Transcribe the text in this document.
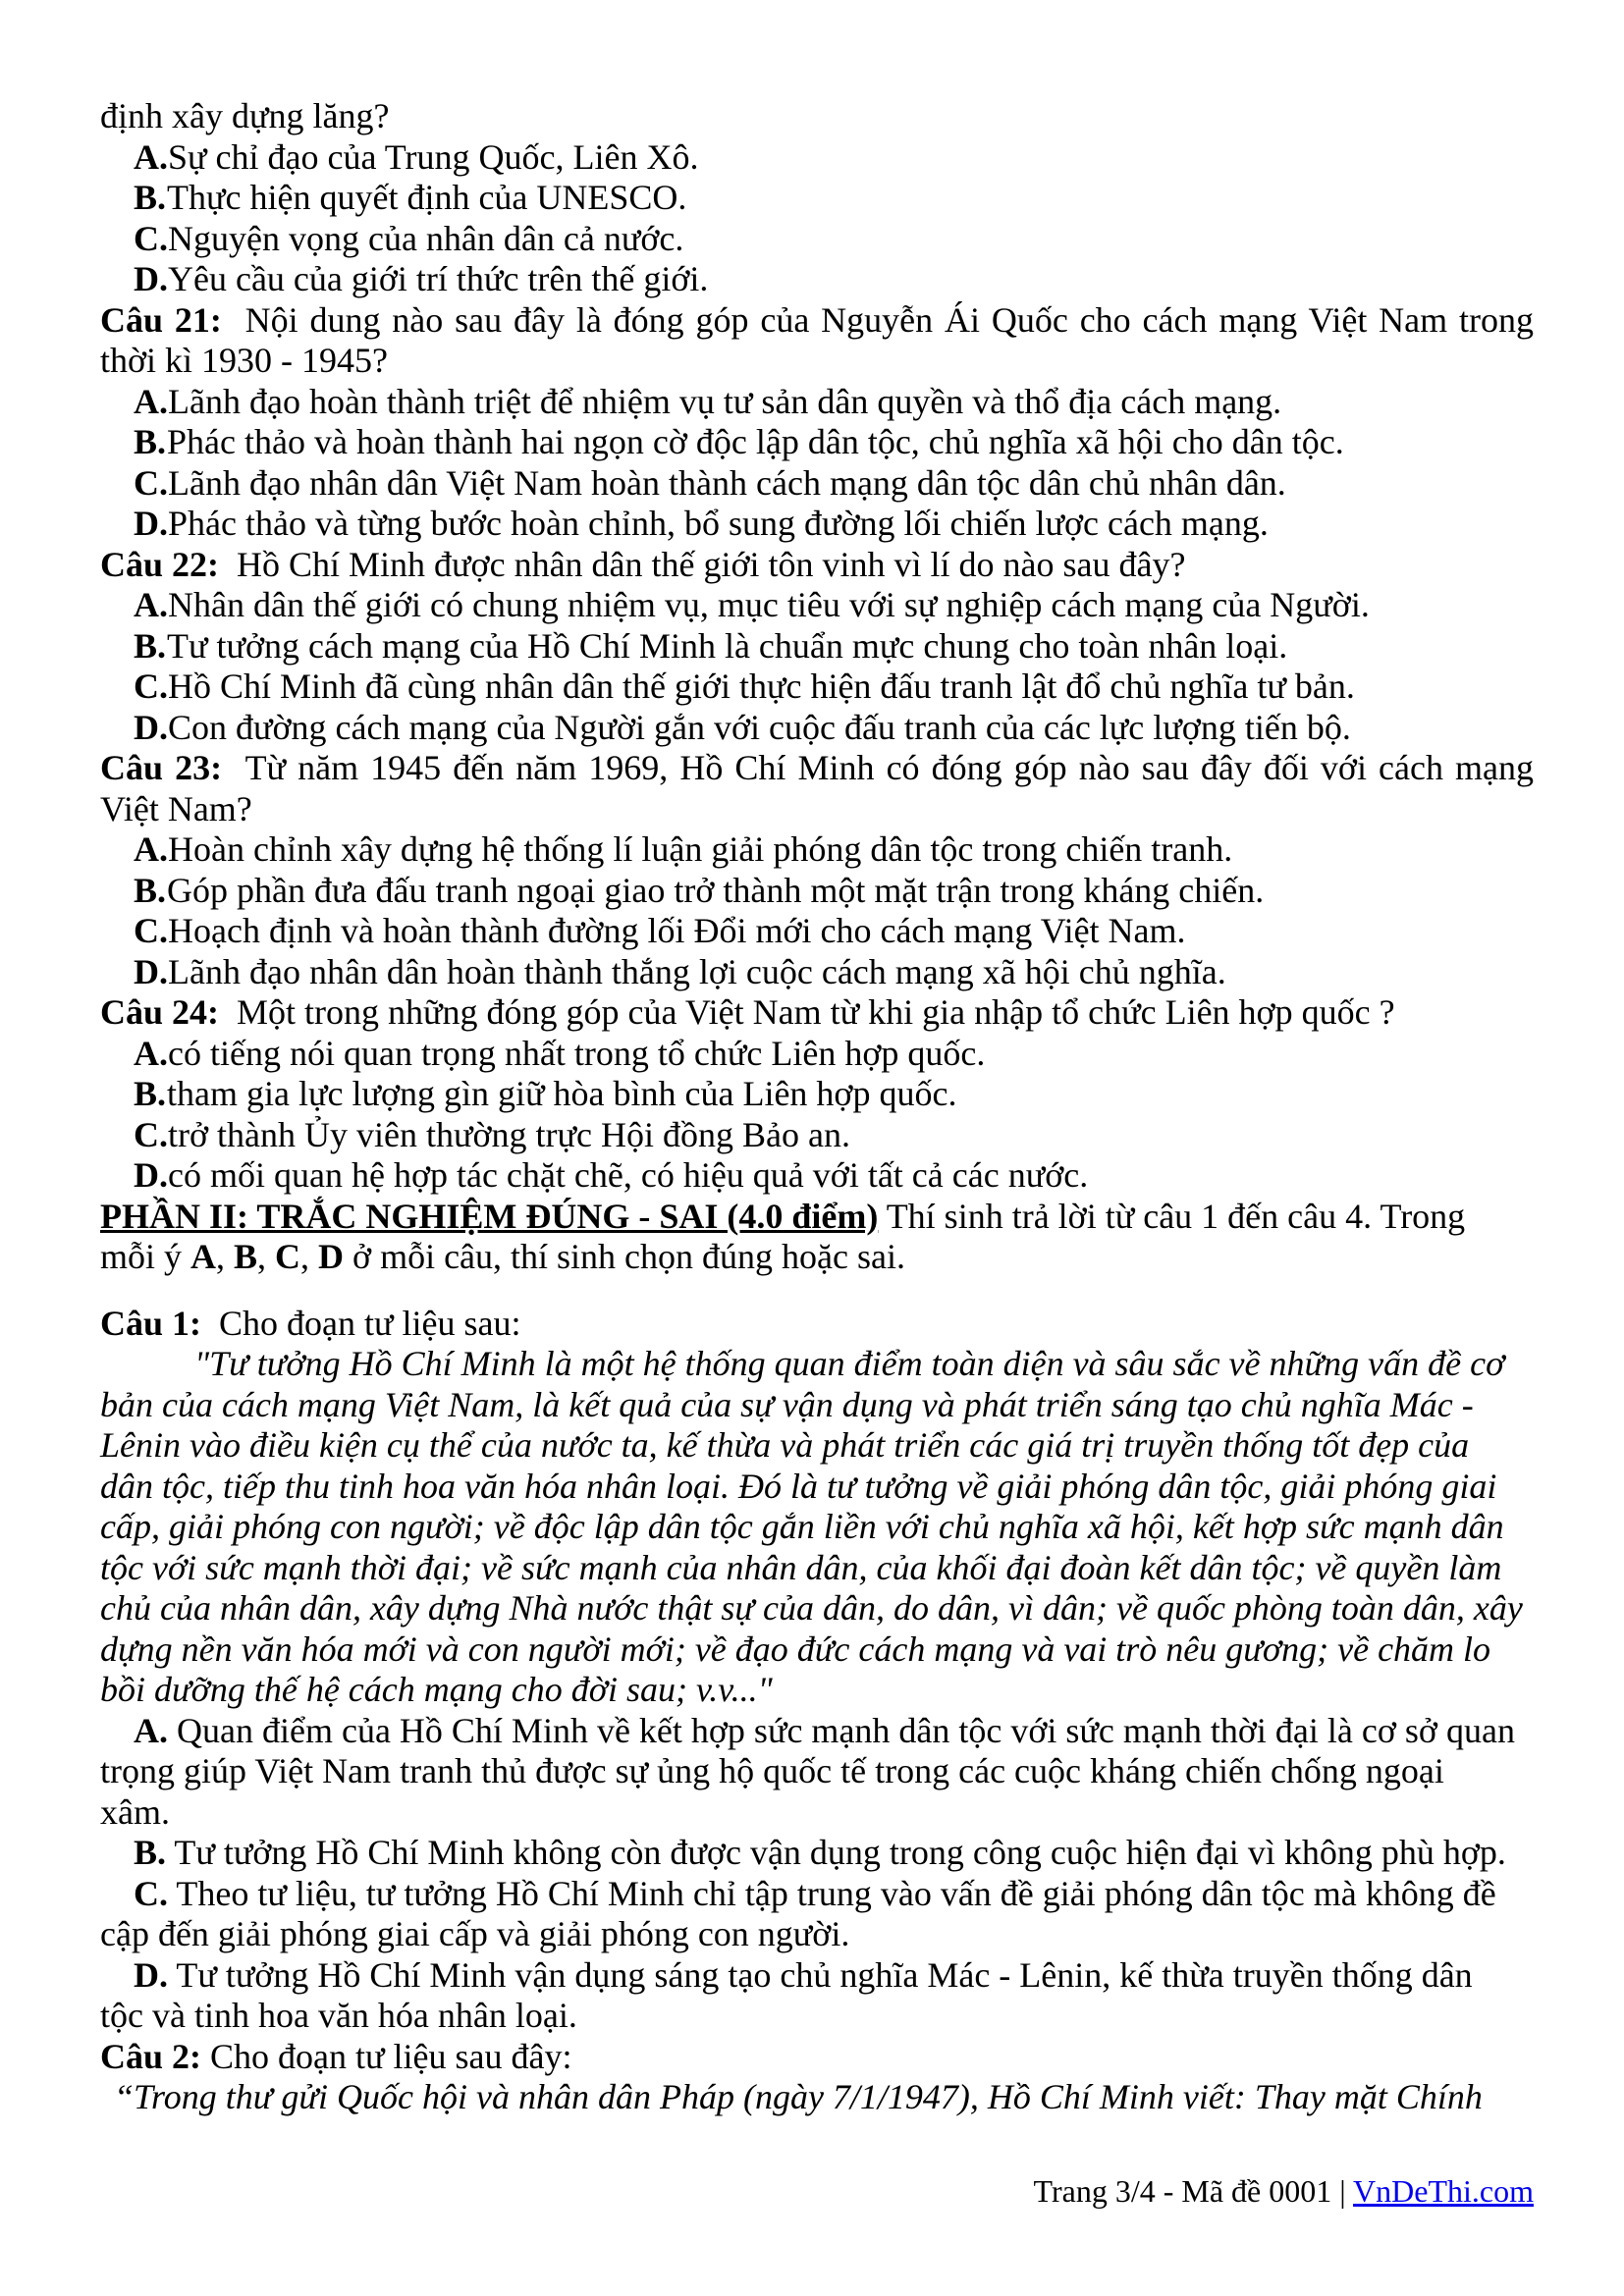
định xây dựng lăng?
A.Sự chỉ đạo của Trung Quốc, Liên Xô.
B.Thực hiện quyết định của UNESCO.
C.Nguyện vọng của nhân dân cả nước.
D.Yêu cầu của giới trí thức trên thế giới.
Câu 21: Nội dung nào sau đây là đóng góp của Nguyễn Ái Quốc cho cách mạng Việt Nam trong
thời kì 1930 - 1945?
A.Lãnh đạo hoàn thành triệt để nhiệm vụ tư sản dân quyền và thổ địa cách mạng.
B.Phác thảo và hoàn thành hai ngọn cờ độc lập dân tộc, chủ nghĩa xã hội cho dân tộc.
C.Lãnh đạo nhân dân Việt Nam hoàn thành cách mạng dân tộc dân chủ nhân dân.
D.Phác thảo và từng bước hoàn chỉnh, bổ sung đường lối chiến lược cách mạng.
Câu 22: Hồ Chí Minh được nhân dân thế giới tôn vinh vì lí do nào sau đây?
A.Nhân dân thế giới có chung nhiệm vụ, mục tiêu với sự nghiệp cách mạng của Người.
B.Tư tưởng cách mạng của Hồ Chí Minh là chuẩn mực chung cho toàn nhân loại.
C.Hồ Chí Minh đã cùng nhân dân thế giới thực hiện đấu tranh lật đổ chủ nghĩa tư bản.
D.Con đường cách mạng của Người gắn với cuộc đấu tranh của các lực lượng tiến bộ.
Câu 23: Từ năm 1945 đến năm 1969, Hồ Chí Minh có đóng góp nào sau đây đối với cách mạng
Việt Nam?
A.Hoàn chỉnh xây dựng hệ thống lí luận giải phóng dân tộc trong chiến tranh.
B.Góp phần đưa đấu tranh ngoại giao trở thành một mặt trận trong kháng chiến.
C.Hoạch định và hoàn thành đường lối Đổi mới cho cách mạng Việt Nam.
D.Lãnh đạo nhân dân hoàn thành thắng lợi cuộc cách mạng xã hội chủ nghĩa.
Câu 24: Một trong những đóng góp của Việt Nam từ khi gia nhập tổ chức Liên hợp quốc ?
A.có tiếng nói quan trọng nhất trong tổ chức Liên hợp quốc.
B.tham gia lực lượng gìn giữ hòa bình của Liên hợp quốc.
C.trở thành Ủy viên thường trực Hội đồng Bảo an.
D.có mối quan hệ hợp tác chặt chẽ, có hiệu quả với tất cả các nước.
PHẦN II: TRẮC NGHIỆM ĐÚNG - SAI (4.0 điểm) Thí sinh trả lời từ câu 1 đến câu 4. Trong
mỗi ý A, B, C, D ở mỗi câu, thí sinh chọn đúng hoặc sai.
Câu 1: Cho đoạn tư liệu sau:
"Tư tưởng Hồ Chí Minh là một hệ thống quan điểm toàn diện và sâu sắc về những vấn đề cơ
bản của cách mạng Việt Nam, là kết quả của sự vận dụng và phát triển sáng tạo chủ nghĩa Mác -
Lênin vào điều kiện cụ thể của nước ta, kế thừa và phát triển các giá trị truyền thống tốt đẹp của
dân tộc, tiếp thu tinh hoa văn hóa nhân loại. Đó là tư tưởng về giải phóng dân tộc, giải phóng giai
cấp, giải phóng con người; về độc lập dân tộc gắn liền với chủ nghĩa xã hội, kết hợp sức mạnh dân
tộc với sức mạnh thời đại; về sức mạnh của nhân dân, của khối đại đoàn kết dân tộc; về quyền làm
chủ của nhân dân, xây dựng Nhà nước thật sự của dân, do dân, vì dân; về quốc phòng toàn dân, xây
dựng nền văn hóa mới và con người mới; về đạo đức cách mạng và vai trò nêu gương; về chăm lo
bồi dưỡng thế hệ cách mạng cho đời sau; v.v..."
A. Quan điểm của Hồ Chí Minh về kết hợp sức mạnh dân tộc với sức mạnh thời đại là cơ sở quan
trọng giúp Việt Nam tranh thủ được sự ủng hộ quốc tế trong các cuộc kháng chiến chống ngoại
xâm.
B. Tư tưởng Hồ Chí Minh không còn được vận dụng trong công cuộc hiện đại vì không phù hợp.
C. Theo tư liệu, tư tưởng Hồ Chí Minh chỉ tập trung vào vấn đề giải phóng dân tộc mà không đề
cập đến giải phóng giai cấp và giải phóng con người.
D. Tư tưởng Hồ Chí Minh vận dụng sáng tạo chủ nghĩa Mác - Lênin, kế thừa truyền thống dân
tộc và tinh hoa văn hóa nhân loại.
Câu 2: Cho đoạn tư liệu sau đây:
“Trong thư gửi Quốc hội và nhân dân Pháp (ngày 7/1/1947), Hồ Chí Minh viết: Thay mặt Chính
Trang 3/4 - Mã đề 0001 | VnDeThi.com
